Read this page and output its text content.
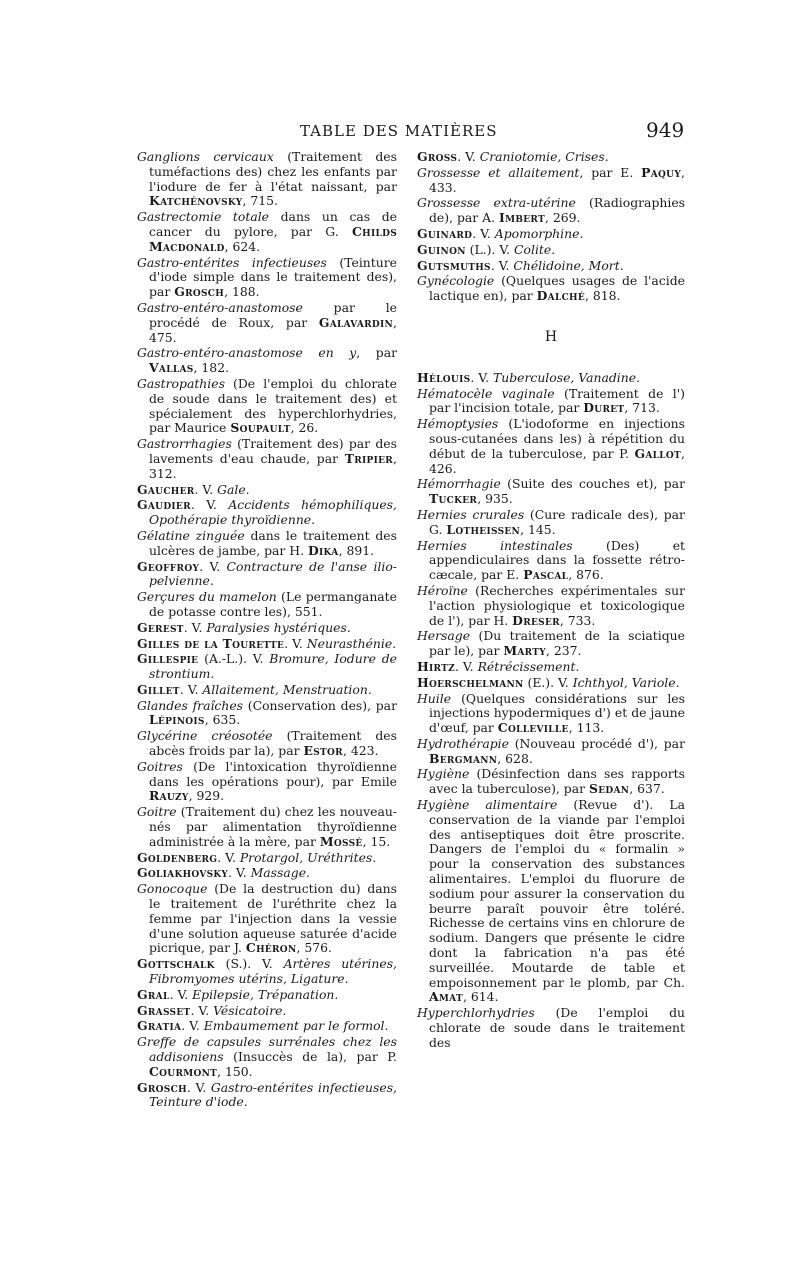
TABLE DES MATIÈRES	949
Ganglions cervicaux (Traitement des tuméfactions des) chez les enfants par l'iodure de fer à l'état naissant, par Katchénovsky, 715.
Gastrectomie totale dans un cas de cancer du pylore, par G. Childs Macdonald, 624.
Gastro-entérites infectieuses (Teinture d'iode simple dans le traitement des), par Grosch, 188.
Gastro-entéro-anastomose par le procédé de Roux, par Galavardin, 475.
Gastro-entéro-anastomose en y, par Vallas, 182.
Gastropathies (De l'emploi du chlorate de soude dans le traitement des) et spécialement des hyperchlorhydries, par Maurice Soupault, 26.
Gastrorrhagies (Traitement des) par des lavements d'eau chaude, par Tripier, 312.
Gaucher. V. Gale.
Gaudier. V. Accidents hémophiliques, Opothérapie thyroïdienne.
Gélatine zinguée dans le traitement des ulcères de jambe, par H. Dika, 891.
Geoffroy. V. Contracture de l'anse ilio-pelvienne.
Gerçures du mamelon (Le permanganate de potasse contre les), 551.
Gerest. V. Paralysies hystériques.
Gilles de la Tourette. V. Neurasthénie.
Gillespie (A.-L.). V. Bromure, Iodure de strontium.
Gillet. V. Allaitement, Menstruation.
Glandes fraîches (Conservation des), par Lépinois, 635.
Glycérine créosotée (Traitement des abcès froids par la), par Estor, 423.
Goitres (De l'intoxication thyroïdienne dans les opérations pour), par Emile Rauzy, 929.
Goitre (Traitement du) chez les nouveau-nés par alimentation thyroïdienne administrée à la mère, par Mossé, 15.
Goldenberg. V. Protargol, Uréthrites.
Goliakhovsky. V. Massage.
Gonocoque (De la destruction du) dans le traitement de l'uréthrite chez la femme par l'injection dans la vessie d'une solution aqueuse saturée d'acide picrique, par J. Chéron, 576.
Gottschalk (S.). V. Artères utérines, Fibromyomes utérins, Ligature.
Gral. V. Epilepsie, Trépanation.
Grasset. V. Vésicatoire.
Gratia. V. Embaumement par le formol.
Greffe de capsules surrénales chez les addisoniens (Insuccès de la), par P. Courmont, 150.
Grosch. V. Gastro-entérites infectieuses, Teinture d'iode.
Gross. V. Craniotomie, Crises.
Grossesse et allaitement, par E. Paquy, 433.
Grossesse extra-utérine (Radiographies de), par A. Imbert, 269.
Guinard. V. Apomorphine.
Guinon (L.). V. Colite.
Gutsmuths. V. Chélidoine, Mort.
Gynécologie (Quelques usages de l'acide lactique en), par Dalché, 818.
H
Hélouis. V. Tuberculose, Vanadine.
Hématocèle vaginale (Traitement de l') par l'incision totale, par Duret, 713.
Hémoptysies (L'iodoforme en injections sous-cutanées dans les) à répétition du début de la tuberculose, par P. Gallot, 426.
Hémorrhagie (Suite des couches et), par Tucker, 935.
Hernies crurales (Cure radicale des), par G. Lotheissen, 145.
Hernies intestinales (Des) et appendiculaires dans la fossette rétro-cæcale, par E. Pascal, 876.
Héroïne (Recherches expérimentales sur l'action physiologique et toxicologique de l'), par H. Dreser, 733.
Hersage (Du traitement de la sciatique par le), par Marty, 237.
Hirtz. V. Rétrécissement.
Hoerschelmann (E.). V. Ichthyol, Variole.
Huile (Quelques considérations sur les injections hypodermiques d') et de jaune d'œuf, par Colleville, 113.
Hydrothérapie (Nouveau procédé d'), par Bergmann, 628.
Hygiène (Désinfection dans ses rapports avec la tuberculose), par Sedan, 637.
Hygiène alimentaire (Revue d'). La conservation de la viande par l'emploi des antiseptiques doit être proscrite. Dangers de l'emploi du « formalin » pour la conservation des substances alimentaires. L'emploi du fluorure de sodium pour assurer la conservation du beurre paraît pouvoir être toléré. Richesse de certains vins en chlorure de sodium. Dangers que présente le cidre dont la fabrication n'a pas été surveillée. Moutarde de table et empoisonnement par le plomb, par Ch. Amat, 614.
Hyperchlorhydries (De l'emploi du chlorate de soude dans le traitement des
